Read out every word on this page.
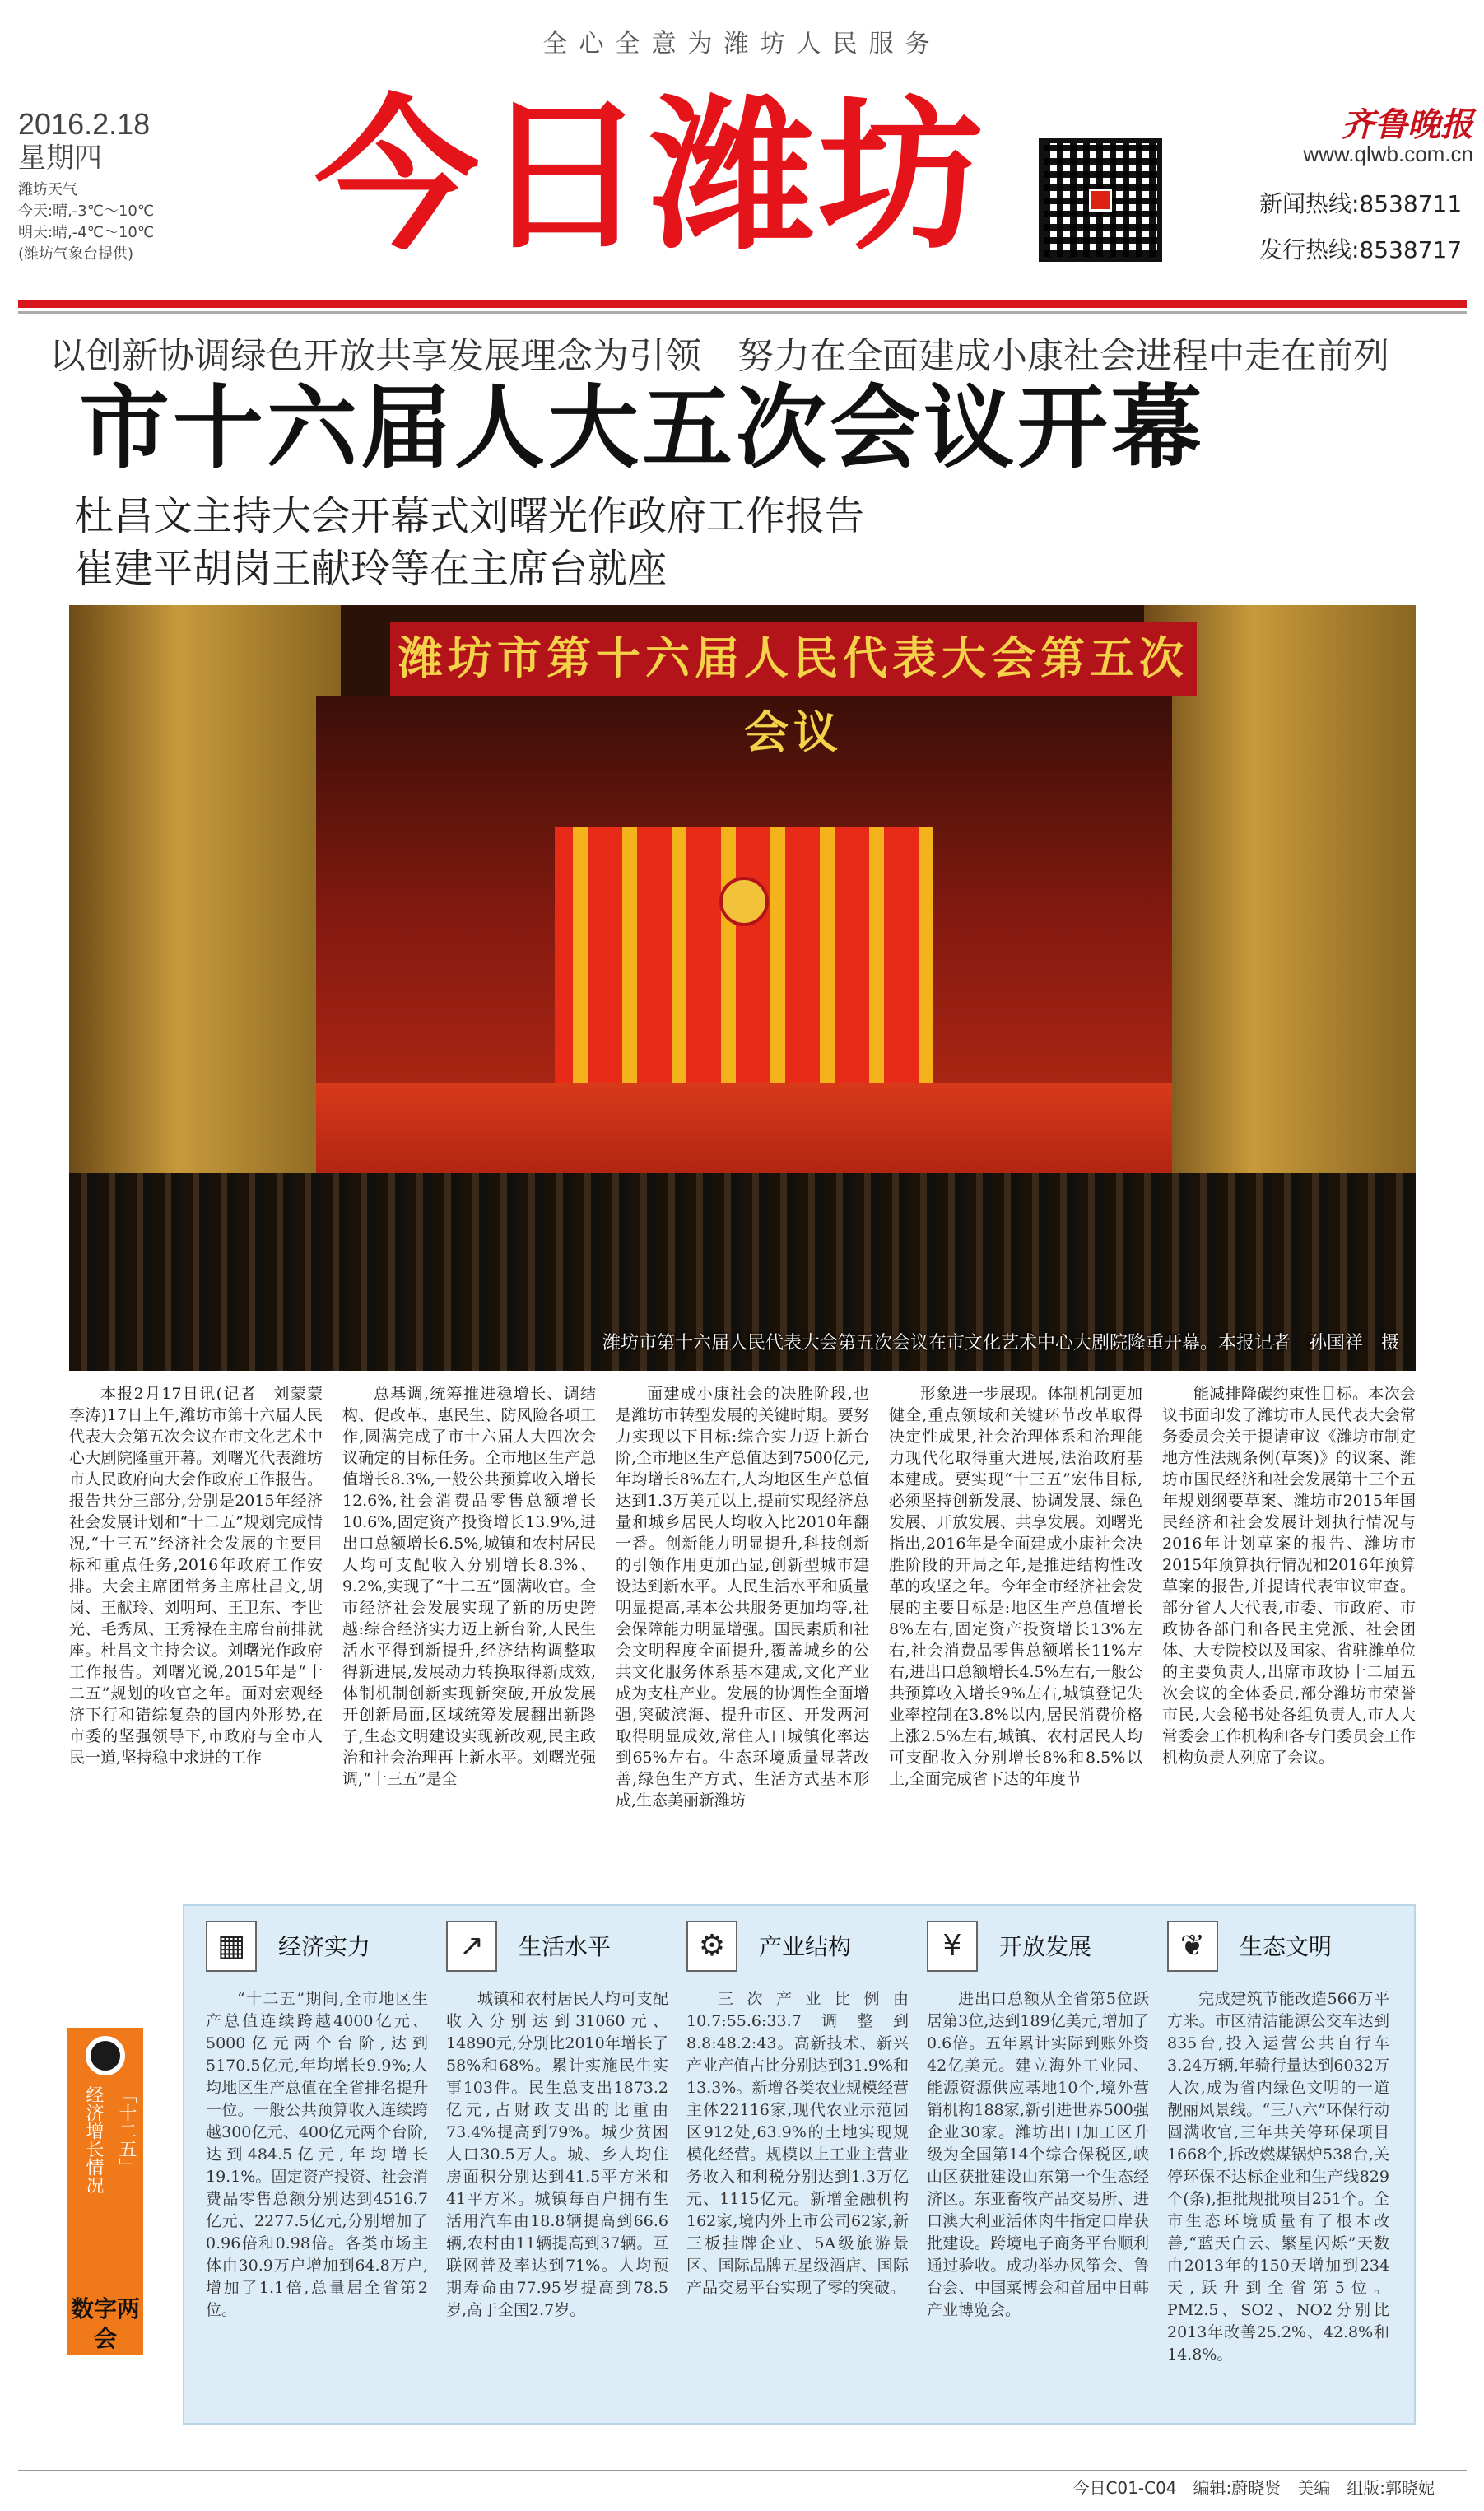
全心全意为潍坊人民服务
2016.2.18
星期四
潍坊天气
今天:晴,-3℃～10℃
明天:晴,-4℃～10℃
(潍坊气象台提供)	今日潍坊	齐鲁晚报
www.qlwb.com.cn
新闻热线:8538711
发行热线:8538717
以创新协调绿色开放共享发展理念为引领　努力在全面建成小康社会进程中走在前列
市十六届人大五次会议开幕
杜昌文主持大会开幕式刘曙光作政府工作报告
崔建平胡岗王献玲等在主席台就座
潍坊市第十六届人民代表大会第五次会议
潍坊市第十六届人民代表大会第五次会议在市文化艺术中心大剧院隆重开幕。本报记者　孙国祥　摄

本报2月17日讯(记者　刘蒙蒙　李涛)17日上午,潍坊市第十六届人民代表大会第五次会议在市文化艺术中心大剧院隆重开幕。刘曙光代表潍坊市人民政府向大会作政府工作报告。报告共分三部分,分别是2015年经济社会发展计划和“十二五”规划完成情况,“十三五”经济社会发展的主要目标和重点任务,2016年政府工作安排。大会主席团常务主席杜昌文,胡岗、王献玲、刘明珂、王卫东、李世光、毛秀凤、王秀禄在主席台前排就座。杜昌文主持会议。刘曙光作政府工作报告。刘曙光说,2015年是“十二五”规划的收官之年。面对宏观经济下行和错综复杂的国内外形势,在市委的坚强领导下,市政府与全市人民一道,坚持稳中求进的工作

总基调,统筹推进稳增长、调结构、促改革、惠民生、防风险各项工作,圆满完成了市十六届人大四次会议确定的目标任务。全市地区生产总值增长8.3%,一般公共预算收入增长12.6%,社会消费品零售总额增长10.6%,固定资产投资增长13.9%,进出口总额增长6.5%,城镇和农村居民人均可支配收入分别增长8.3%、9.2%,实现了“十二五”圆满收官。全市经济社会发展实现了新的历史跨越:综合经济实力迈上新台阶,人民生活水平得到新提升,经济结构调整取得新进展,发展动力转换取得新成效,体制机制创新实现新突破,开放发展开创新局面,区域统筹发展翻出新路子,生态文明建设实现新改观,民主政治和社会治理再上新水平。刘曙光强调,“十三五”是全

面建成小康社会的决胜阶段,也是潍坊市转型发展的关键时期。要努力实现以下目标:综合实力迈上新台阶,全市地区生产总值达到7500亿元,年均增长8%左右,人均地区生产总值达到1.3万美元以上,提前实现经济总量和城乡居民人均收入比2010年翻一番。创新能力明显提升,科技创新的引领作用更加凸显,创新型城市建设达到新水平。人民生活水平和质量明显提高,基本公共服务更加均等,社会保障能力明显增强。国民素质和社会文明程度全面提升,覆盖城乡的公共文化服务体系基本建成,文化产业成为支柱产业。发展的协调性全面增强,突破滨海、提升市区、开发两河取得明显成效,常住人口城镇化率达到65%左右。生态环境质量显著改善,绿色生产方式、生活方式基本形成,生态美丽新潍坊

形象进一步展现。体制机制更加健全,重点领域和关键环节改革取得决定性成果,社会治理体系和治理能力现代化取得重大进展,法治政府基本建成。要实现“十三五”宏伟目标,必须坚持创新发展、协调发展、绿色发展、开放发展、共享发展。刘曙光指出,2016年是全面建成小康社会决胜阶段的开局之年,是推进结构性改革的攻坚之年。今年全市经济社会发展的主要目标是:地区生产总值增长8%左右,固定资产投资增长13%左右,社会消费品零售总额增长11%左右,进出口总额增长4.5%左右,一般公共预算收入增长9%左右,城镇登记失业率控制在3.8%以内,居民消费价格上涨2.5%左右,城镇、农村居民人均可支配收入分别增长8%和8.5%以上,全面完成省下达的年度节

能减排降碳约束性目标。本次会议书面印发了潍坊市人民代表大会常务委员会关于提请审议《潍坊市制定地方性法规条例(草案)》的议案、潍坊市国民经济和社会发展第十三个五年规划纲要草案、潍坊市2015年国民经济和社会发展计划执行情况与2016年计划草案的报告、潍坊市2015年预算执行情况和2016年预算草案的报告,并提请代表审议审查。部分省人大代表,市委、市政府、市政协各部门和各民主党派、社会团体、大专院校以及国家、省驻潍单位的主要负责人,出席市政协十二届五次会议的全体委员,部分潍坊市荣誉市民,大会秘书处各组负责人,市人大常委会工作机构和各专门委员会工作机构负责人列席了会议。

经济增长情况 「十二五」
数字两会
▦	经济实力	↗	生活水平	⚙	产业结构	¥	开放发展	❦	生态文明

“十二五”期间,全市地区生产总值连续跨越4000亿元、5000亿元两个台阶,达到5170.5亿元,年均增长9.9%;人均地区生产总值在全省排名提升一位。一般公共预算收入连续跨越300亿元、400亿元两个台阶,达到484.5亿元,年均增长19.1%。固定资产投资、社会消费品零售总额分别达到4516.7亿元、2277.5亿元,分别增加了0.96倍和0.98倍。各类市场主体由30.9万户增加到64.8万户,增加了1.1倍,总量居全省第2位。

城镇和农村居民人均可支配收入分别达到31060元、14890元,分别比2010年增长了58%和68%。累计实施民生实事103件。民生总支出1873.2亿元,占财政支出的比重由73.4%提高到79%。城少贫困人口30.5万人。城、乡人均住房面积分别达到41.5平方米和41平方米。城镇每百户拥有生活用汽车由18.8辆提高到66.6辆,农村由11辆提高到37辆。互联网普及率达到71%。人均预期寿命由77.95岁提高到78.5岁,高于全国2.7岁。

三次产业比例由10.7:55.6:33.7调整到8.8:48.2:43。高新技术、新兴产业产值占比分别达到31.9%和13.3%。新增各类农业规模经营主体22116家,现代农业示范园区912处,63.9%的土地实现规模化经营。规模以上工业主营业务收入和利税分别达到1.3万亿元、1115亿元。新增金融机构162家,境内外上市公司62家,新三板挂牌企业、5A级旅游景区、国际品牌五星级酒店、国际产品交易平台实现了零的突破。

进出口总额从全省第5位跃居第3位,达到189亿美元,增加了0.6倍。五年累计实际到账外资42亿美元。建立海外工业园、能源资源供应基地10个,境外营销机构188家,新引进世界500强企业30家。潍坊出口加工区升级为全国第14个综合保税区,峡山区获批建设山东第一个生态经济区。东亚畜牧产品交易所、进口澳大利亚活体肉牛指定口岸获批建设。跨境电子商务平台顺利通过验收。成功举办风筝会、鲁台会、中国菜博会和首届中日韩产业博览会。

完成建筑节能改造566万平方米。市区清洁能源公交车达到835台,投入运营公共自行车3.24万辆,年骑行量达到6032万人次,成为省内绿色文明的一道靓丽风景线。“三八六”环保行动圆满收官,三年共关停环保项目1668个,拆改燃煤锅炉538台,关停环保不达标企业和生产线829个(条),拒批规批项目251个。全市生态环境质量有了根本改善,“蓝天白云、繁星闪烁”天数由2013年的150天增加到234天,跃升到全省第5位。PM2.5、SO2、NO2分别比2013年改善25.2%、42.8%和14.8%。

今日C01-C04　编辑:蔚晓贤　美编　组版:郭晓妮
